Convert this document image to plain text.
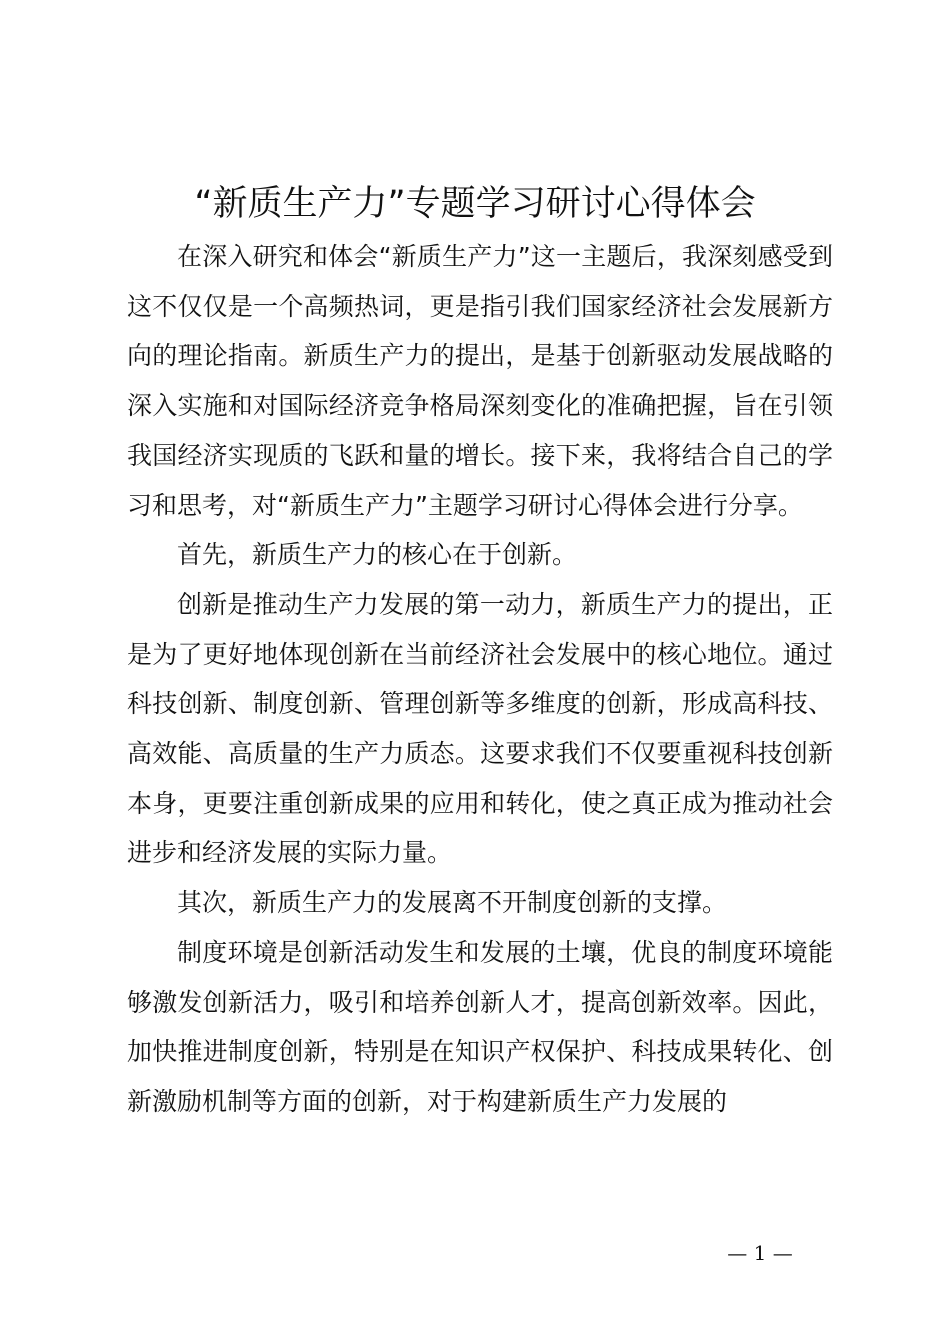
“新质生产力”专题学习研讨心得体会

在深入研究和体会“新质生产力”这一主题后，我深刻感受到这不仅仅是一个高频热词，更是指引我们国家经济社会发展新方向的理论指南。新质生产力的提出，是基于创新驱动发展战略的深入实施和对国际经济竞争格局深刻变化的准确把握，旨在引领我国经济实现质的飞跃和量的增长。接下来，我将结合自己的学习和思考，对“新质生产力”主题学习研讨心得体会进行分享。

首先，新质生产力的核心在于创新。

创新是推动生产力发展的第一动力，新质生产力的提出，正是为了更好地体现创新在当前经济社会发展中的核心地位。通过科技创新、制度创新、管理创新等多维度的创新，形成高科技、高效能、高质量的生产力质态。这要求我们不仅要重视科技创新本身，更要注重创新成果的应用和转化，使之真正成为推动社会进步和经济发展的实际力量。

其次，新质生产力的发展离不开制度创新的支撑。

制度环境是创新活动发生和发展的土壤，优良的制度环境能够激发创新活力，吸引和培养创新人才，提高创新效率。因此，加快推进制度创新，特别是在知识产权保护、科技成果转化、创新激励机制等方面的创新，对于构建新质生产力发展的

— 1 —
